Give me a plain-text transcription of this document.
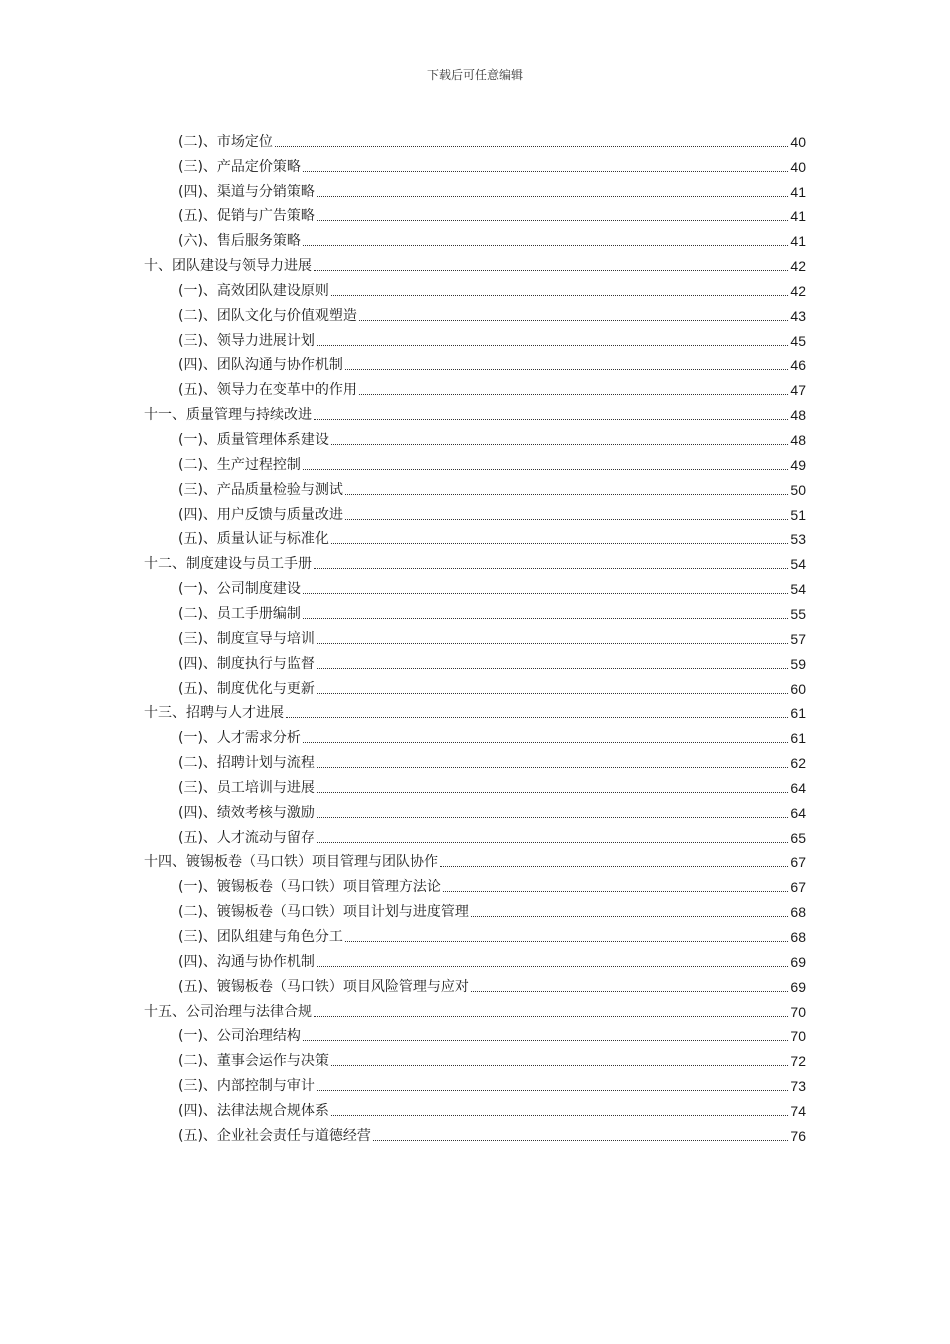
下载后可任意编辑
(二)、市场定位	40
(三)、产品定价策略	40
(四)、渠道与分销策略	41
(五)、促销与广告策略	41
(六)、售后服务策略	41
十、团队建设与领导力进展	42
(一)、高效团队建设原则	42
(二)、团队文化与价值观塑造	43
(三)、领导力进展计划	45
(四)、团队沟通与协作机制	46
(五)、领导力在变革中的作用	47
十一、质量管理与持续改进	48
(一)、质量管理体系建设	48
(二)、生产过程控制	49
(三)、产品质量检验与测试	50
(四)、用户反馈与质量改进	51
(五)、质量认证与标准化	53
十二、制度建设与员工手册	54
(一)、公司制度建设	54
(二)、员工手册编制	55
(三)、制度宣导与培训	57
(四)、制度执行与监督	59
(五)、制度优化与更新	60
十三、招聘与人才进展	61
(一)、人才需求分析	61
(二)、招聘计划与流程	62
(三)、员工培训与进展	64
(四)、绩效考核与激励	64
(五)、人才流动与留存	65
十四、镀锡板卷（马口铁）项目管理与团队协作	67
(一)、镀锡板卷（马口铁）项目管理方法论	67
(二)、镀锡板卷（马口铁）项目计划与进度管理	68
(三)、团队组建与角色分工	68
(四)、沟通与协作机制	69
(五)、镀锡板卷（马口铁）项目风险管理与应对	69
十五、公司治理与法律合规	70
(一)、公司治理结构	70
(二)、董事会运作与决策	72
(三)、内部控制与审计	73
(四)、法律法规合规体系	74
(五)、企业社会责任与道德经营	76
